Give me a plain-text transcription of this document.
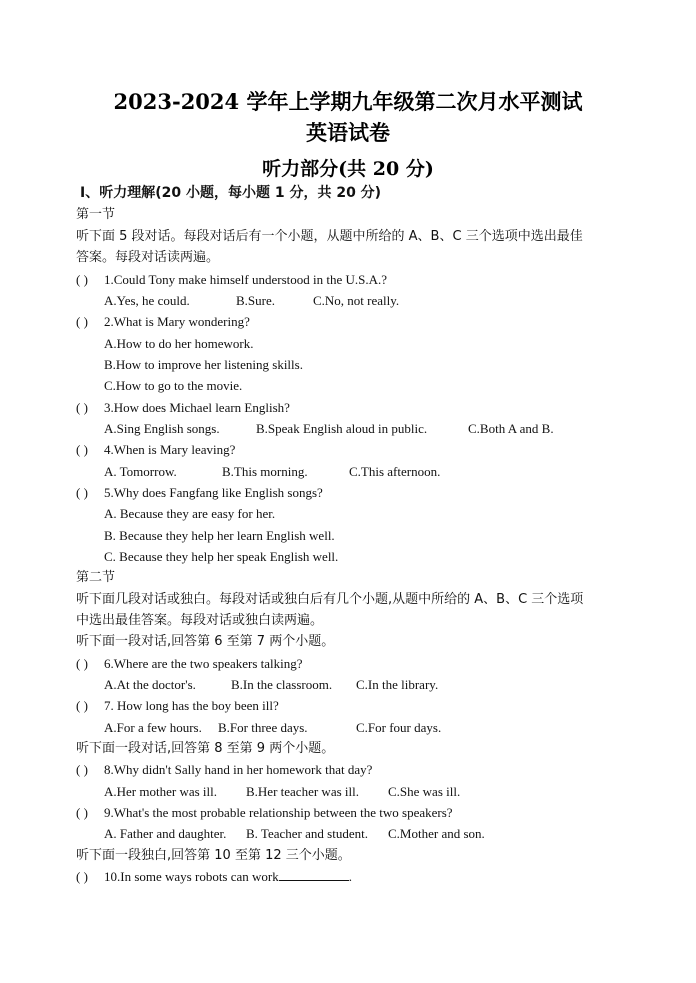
2023-2024 学年上学期九年级第二次月水平测试
英语试卷
听力部分(共 20 分)
Ⅰ、听力理解(20 小题，每小题 1 分，共 20 分)
第一节
听下面 5 段对话。每段对话后有一个小题，从题中所给的 A、B、C 三个选项中选出最佳
答案。每段对话读两遍。
( ) 1.Could Tony make himself understood in the U.S.A.?
A.Yes, he could.	B.Sure.	C.No, not really.
( ) 2.What is Mary wondering?
A.How to do her homework.
B.How to improve her listening skills.
C.How to go to the movie.
( ) 3.How does Michael learn English?
A.Sing English songs.	B.Speak English aloud in public.	C.Both A and B.
( ) 4.When is Mary leaving?
A. Tomorrow.	B.This morning.	C.This afternoon.
( ) 5.Why does Fangfang like English songs?
A. Because they are easy for her.
B. Because they help her learn English well.
C. Because they help her speak English well.
第二节
听下面几段对话或独白。每段对话或独白后有几个小题,从题中所给的 A、B、C 三个选项
中选出最佳答案。每段对话或独白读两遍。
听下面一段对话,回答第 6 至第 7 两个小题。
( ) 6.Where are the two speakers talking?
A.At the doctor's.	B.In the classroom. C.In the library.
( ) 7. How long has the boy been ill?
A.For a few hours. B.For three days.	C.For four days.
听下面一段对话,回答第 8 至第 9 两个小题。
( ) 8.Why didn't Sally hand in her homework that day?
A.Her mother was ill. B.Her teacher was ill. C.She was ill.
( ) 9.What's the most probable relationship between the two speakers?
A. Father and daughter. B. Teacher and student. C.Mother and son.
听下面一段独白,回答第 10 至第 12 三个小题。
( ) 10.In some ways robots can work	.
